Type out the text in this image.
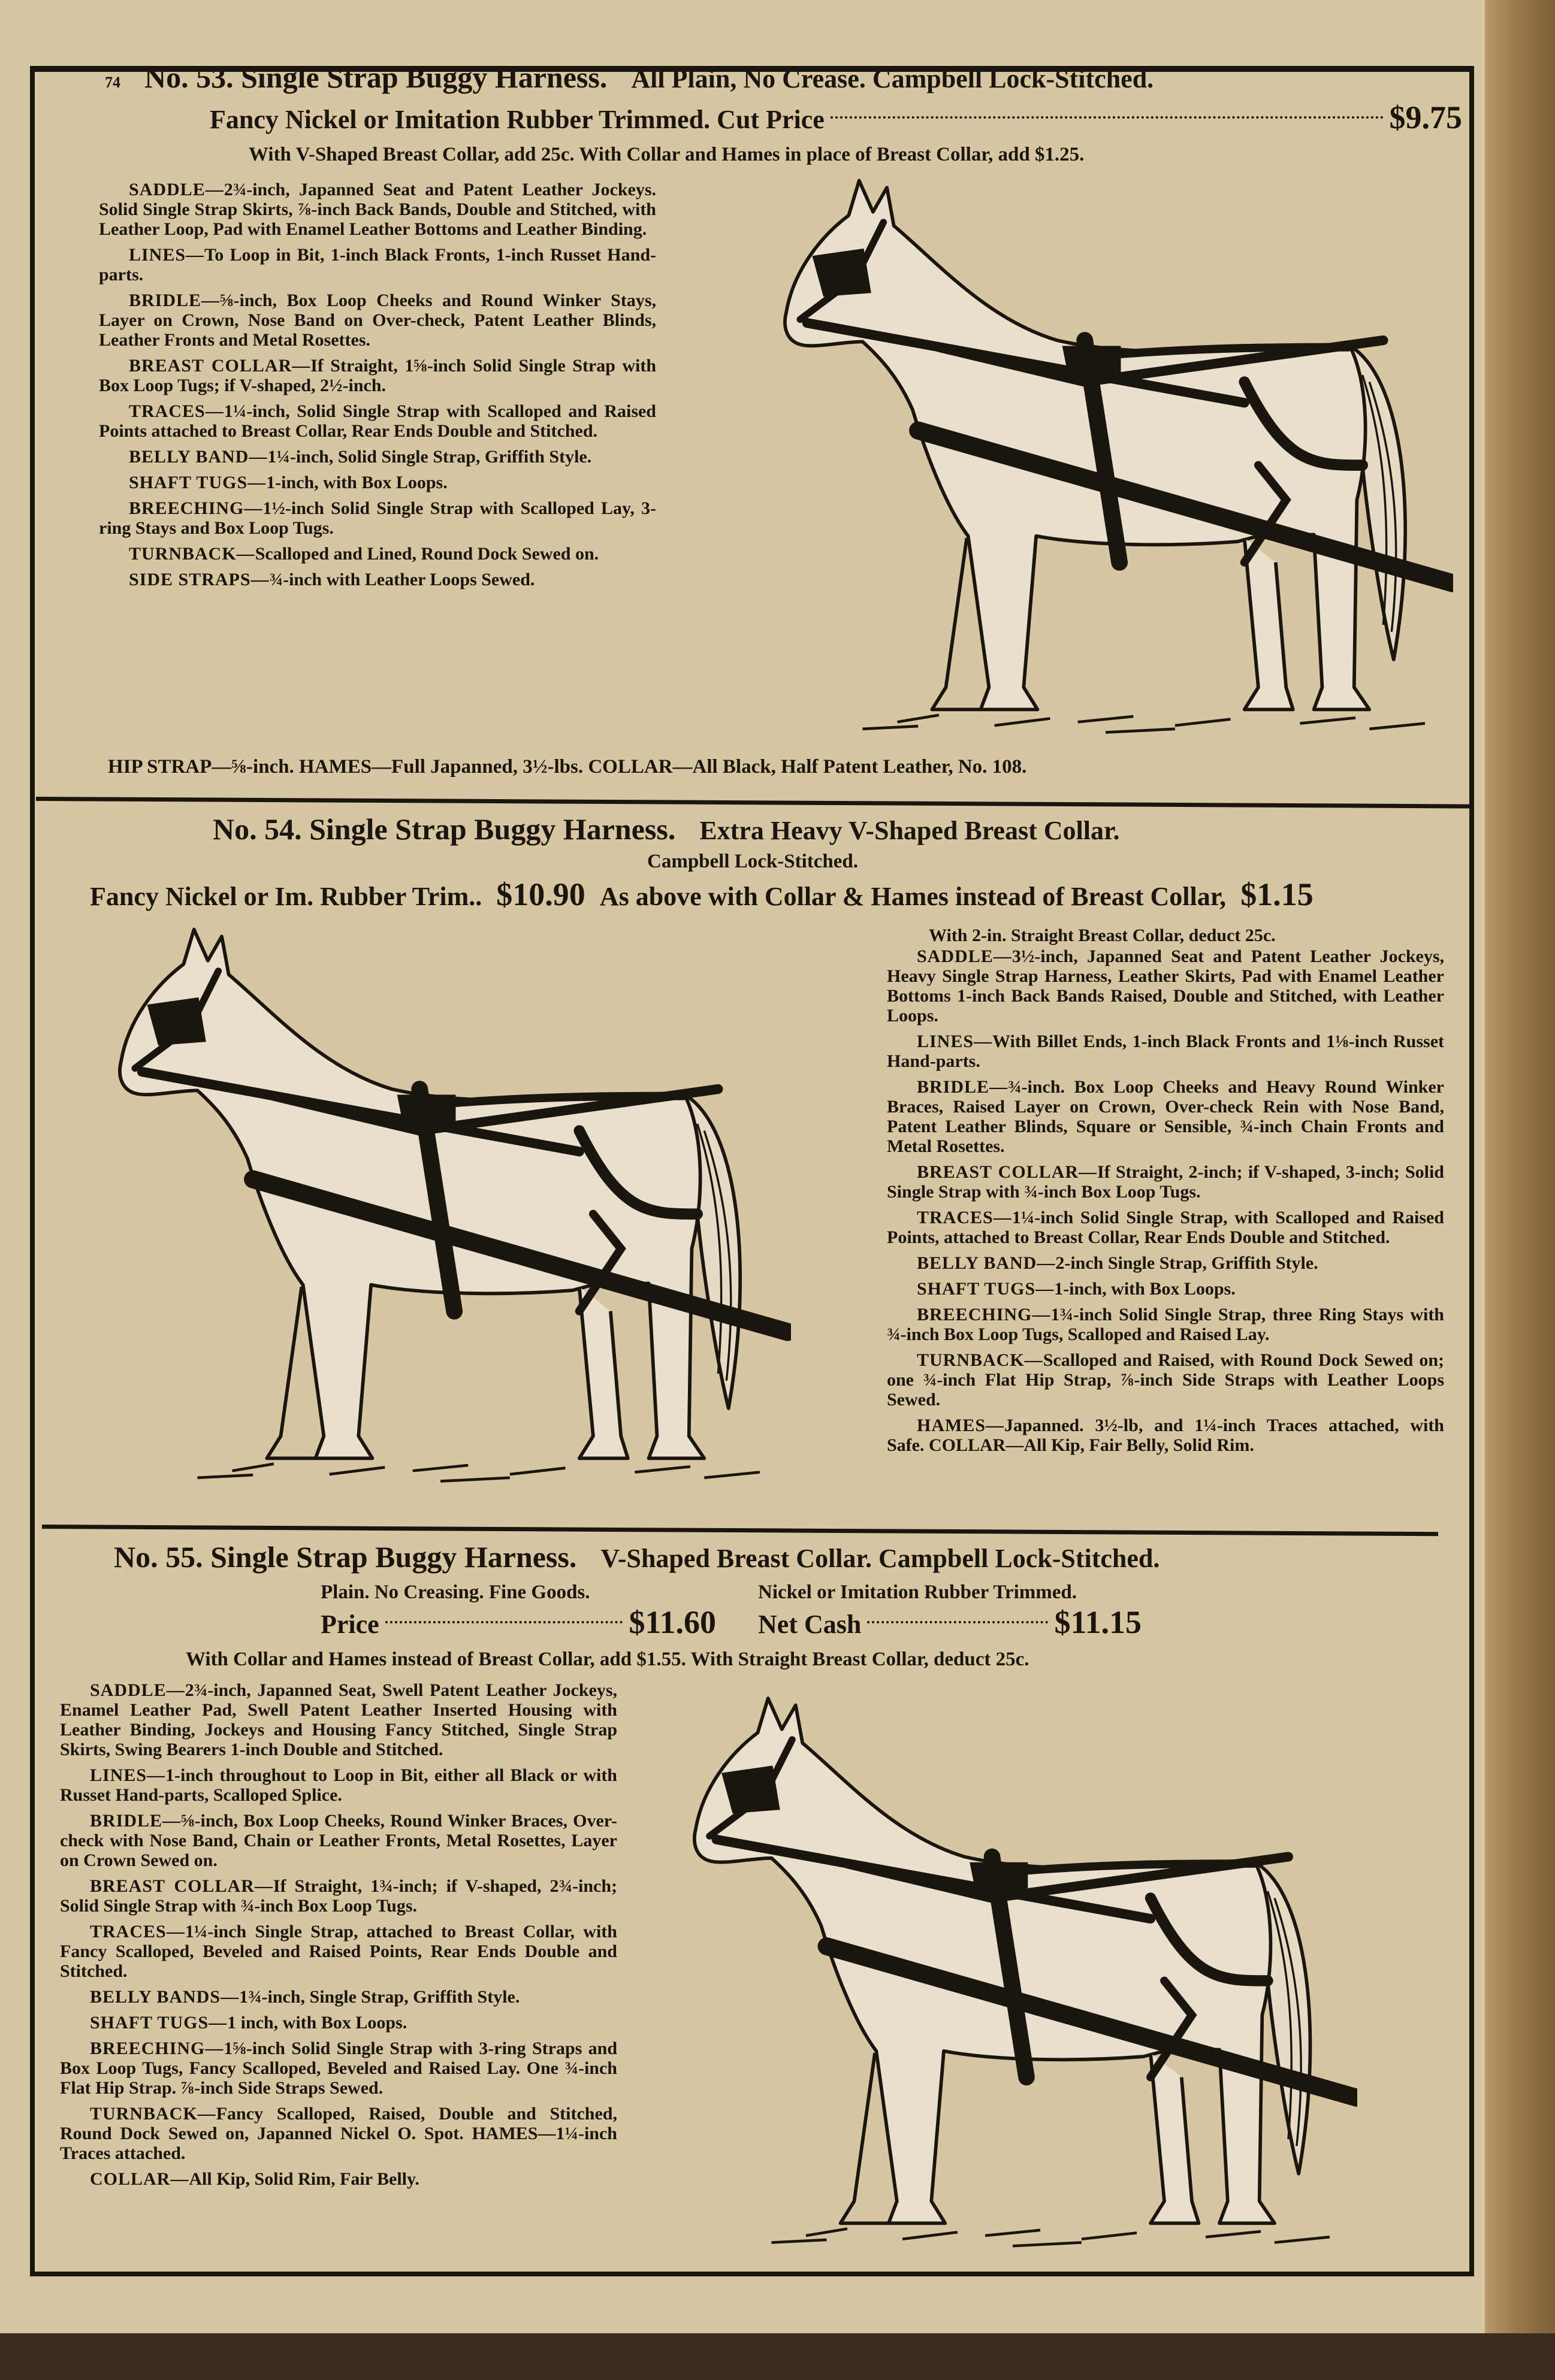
74 No. 53. Single Strap Buggy Harness. All Plain, No Crease. Campbell Lock-Stitched.
Fancy Nickel or Imitation Rubber Trimmed. Cut Price	$9.75
With V-Shaped Breast Collar, add 25c. With Collar and Hames in place of Breast Collar, add $1.25.

SADDLE—2¾-inch, Japanned Seat and Patent Leather Jockeys. Solid Single Strap Skirts, ⅞-inch Back Bands, Double and Stitched, with Leather Loop, Pad with Enamel Leather Bottoms and Leather Binding.

LINES—To Loop in Bit, 1-inch Black Fronts, 1-inch Russet Hand-parts.

BRIDLE—⅝-inch, Box Loop Cheeks and Round Winker Stays, Layer on Crown, Nose Band on Over-check, Patent Leather Blinds, Leather Fronts and Metal Rosettes.

BREAST COLLAR—If Straight, 1⅝-inch Solid Single Strap with Box Loop Tugs; if V-shaped, 2½-inch.

TRACES—1¼-inch, Solid Single Strap with Scalloped and Raised Points attached to Breast Collar, Rear Ends Double and Stitched.

BELLY BAND—1¼-inch, Solid Single Strap, Griffith Style.

SHAFT TUGS—1-inch, with Box Loops.

BREECHING—1½-inch Solid Single Strap with Scalloped Lay, 3-ring Stays and Box Loop Tugs.

TURNBACK—Scalloped and Lined, Round Dock Sewed on.

SIDE STRAPS—¾-inch with Leather Loops Sewed.

HIP STRAP—⅝-inch. HAMES—Full Japanned, 3½-lbs. COLLAR—All Black, Half Patent Leather, No. 108.
No. 54. Single Strap Buggy Harness. Extra Heavy V-Shaped Breast Collar.
Campbell Lock-Stitched.
Fancy Nickel or Im. Rubber Trim.. $10.90 As above with Collar & Hames instead of Breast Collar, $1.15

With 2-in. Straight Breast Collar, deduct 25c.

SADDLE—3½-inch, Japanned Seat and Patent Leather Jockeys, Heavy Single Strap Harness, Leather Skirts, Pad with Enamel Leather Bottoms 1-inch Back Bands Raised, Double and Stitched, with Leather Loops.

LINES—With Billet Ends, 1-inch Black Fronts and 1⅛-inch Russet Hand-parts.

BRIDLE—¾-inch. Box Loop Cheeks and Heavy Round Winker Braces, Raised Layer on Crown, Over-check Rein with Nose Band, Patent Leather Blinds, Square or Sensible, ¾-inch Chain Fronts and Metal Rosettes.

BREAST COLLAR—If Straight, 2-inch; if V-shaped, 3-inch; Solid Single Strap with ¾-inch Box Loop Tugs.

TRACES—1¼-inch Solid Single Strap, with Scalloped and Raised Points, attached to Breast Collar, Rear Ends Double and Stitched.

BELLY BAND—2-inch Single Strap, Griffith Style.

SHAFT TUGS—1-inch, with Box Loops.

BREECHING—1¾-inch Solid Single Strap, three Ring Stays with ¾-inch Box Loop Tugs, Scalloped and Raised Lay.

TURNBACK—Scalloped and Raised, with Round Dock Sewed on; one ¾-inch Flat Hip Strap, ⅞-inch Side Straps with Leather Loops Sewed.

HAMES—Japanned. 3½-lb, and 1¼-inch Traces attached, with Safe. COLLAR—All Kip, Fair Belly, Solid Rim.

No. 55. Single Strap Buggy Harness. V-Shaped Breast Collar. Campbell Lock-Stitched.
Plain. No Creasing. Fine Goods.
Price	$11.60
Nickel or Imitation Rubber Trimmed.
Net Cash	$11.15
With Collar and Hames instead of Breast Collar, add $1.55. With Straight Breast Collar, deduct 25c.

SADDLE—2¾-inch, Japanned Seat, Swell Patent Leather Jockeys, Enamel Leather Pad, Swell Patent Leather Inserted Housing with Leather Binding, Jockeys and Housing Fancy Stitched, Single Strap Skirts, Swing Bearers 1-inch Double and Stitched.

LINES—1-inch throughout to Loop in Bit, either all Black or with Russet Hand-parts, Scalloped Splice.

BRIDLE—⅝-inch, Box Loop Cheeks, Round Winker Braces, Over-check with Nose Band, Chain or Leather Fronts, Metal Rosettes, Layer on Crown Sewed on.

BREAST COLLAR—If Straight, 1¾-inch; if V-shaped, 2¾-inch; Solid Single Strap with ¾-inch Box Loop Tugs.

TRACES—1¼-inch Single Strap, attached to Breast Collar, with Fancy Scalloped, Beveled and Raised Points, Rear Ends Double and Stitched.

BELLY BANDS—1¾-inch, Single Strap, Griffith Style.

SHAFT TUGS—1 inch, with Box Loops.

BREECHING—1⅝-inch Solid Single Strap with 3-ring Straps and Box Loop Tugs, Fancy Scalloped, Beveled and Raised Lay. One ¾-inch Flat Hip Strap. ⅞-inch Side Straps Sewed.

TURNBACK—Fancy Scalloped, Raised, Double and Stitched, Round Dock Sewed on, Japanned Nickel O. Spot. HAMES—1¼-inch Traces attached.

COLLAR—All Kip, Solid Rim, Fair Belly.
